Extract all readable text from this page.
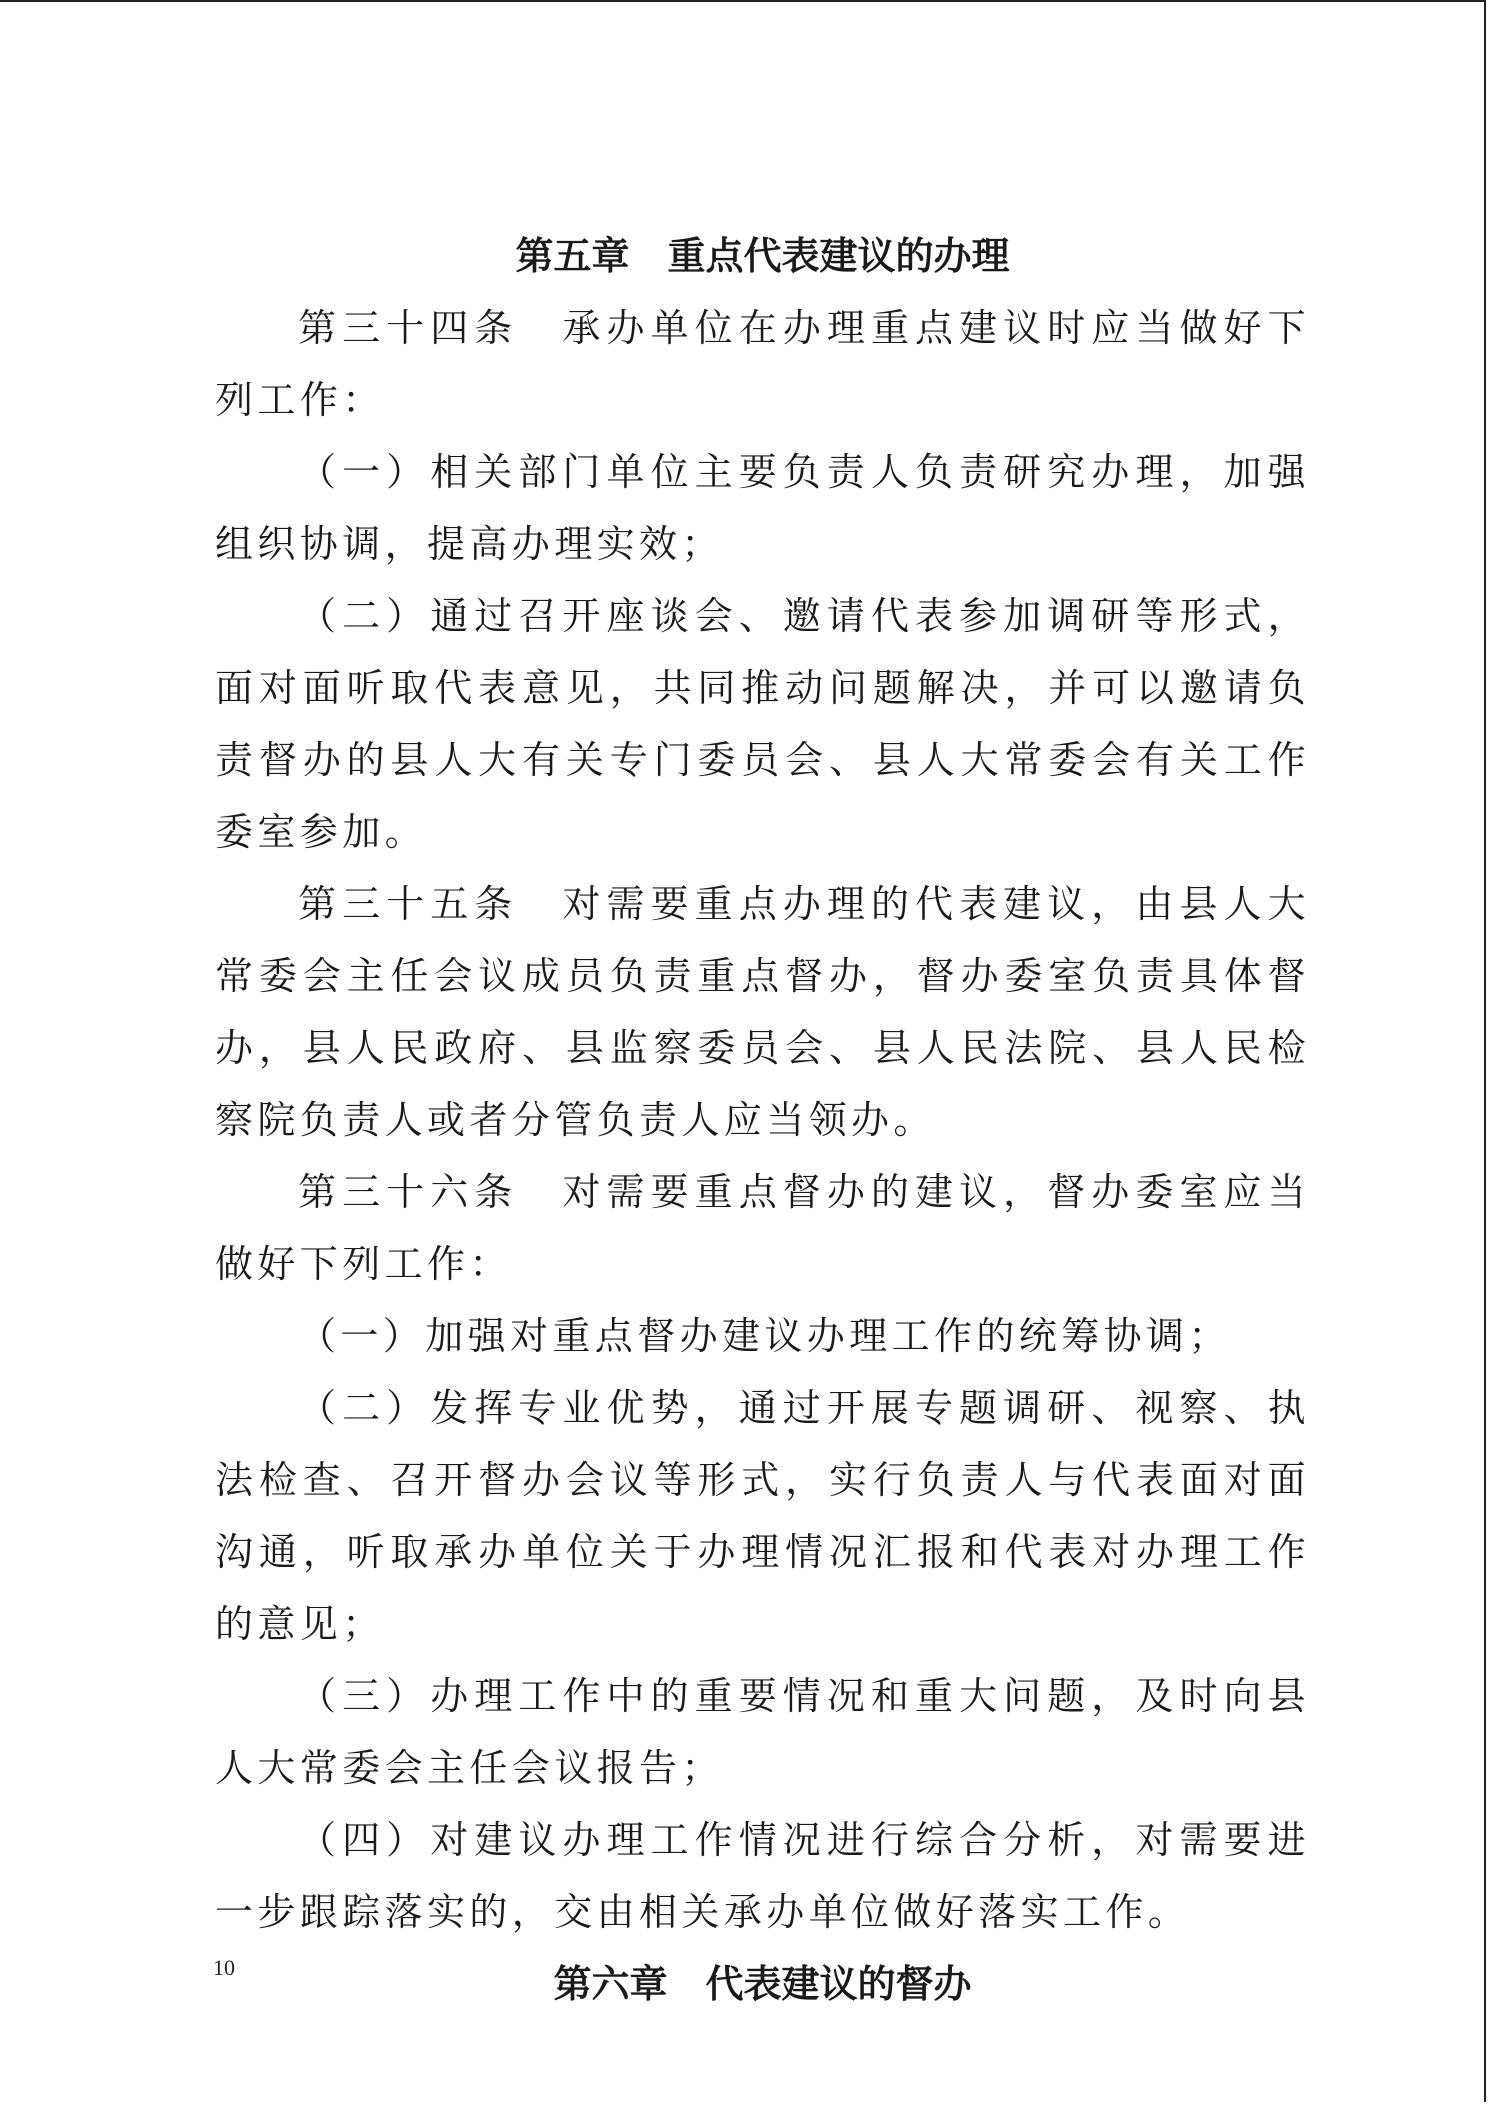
第五章　重点代表建议的办理

第三十四条　承办单位在办理重点建议时应当做好下列工作：

（一）相关部门单位主要负责人负责研究办理，加强组织协调，提高办理实效；

（二）通过召开座谈会、邀请代表参加调研等形式，面对面听取代表意见，共同推动问题解决，并可以邀请负责督办的县人大有关专门委员会、县人大常委会有关工作委室参加。

第三十五条　对需要重点办理的代表建议，由县人大常委会主任会议成员负责重点督办，督办委室负责具体督办，县人民政府、县监察委员会、县人民法院、县人民检察院负责人或者分管负责人应当领办。

第三十六条　对需要重点督办的建议，督办委室应当做好下列工作：

（一）加强对重点督办建议办理工作的统筹协调；

（二）发挥专业优势，通过开展专题调研、视察、执法检查、召开督办会议等形式，实行负责人与代表面对面沟通，听取承办单位关于办理情况汇报和代表对办理工作的意见；

（三）办理工作中的重要情况和重大问题，及时向县人大常委会主任会议报告；

（四）对建议办理工作情况进行综合分析，对需要进一步跟踪落实的，交由相关承办单位做好落实工作。

第六章　代表建议的督办
10
